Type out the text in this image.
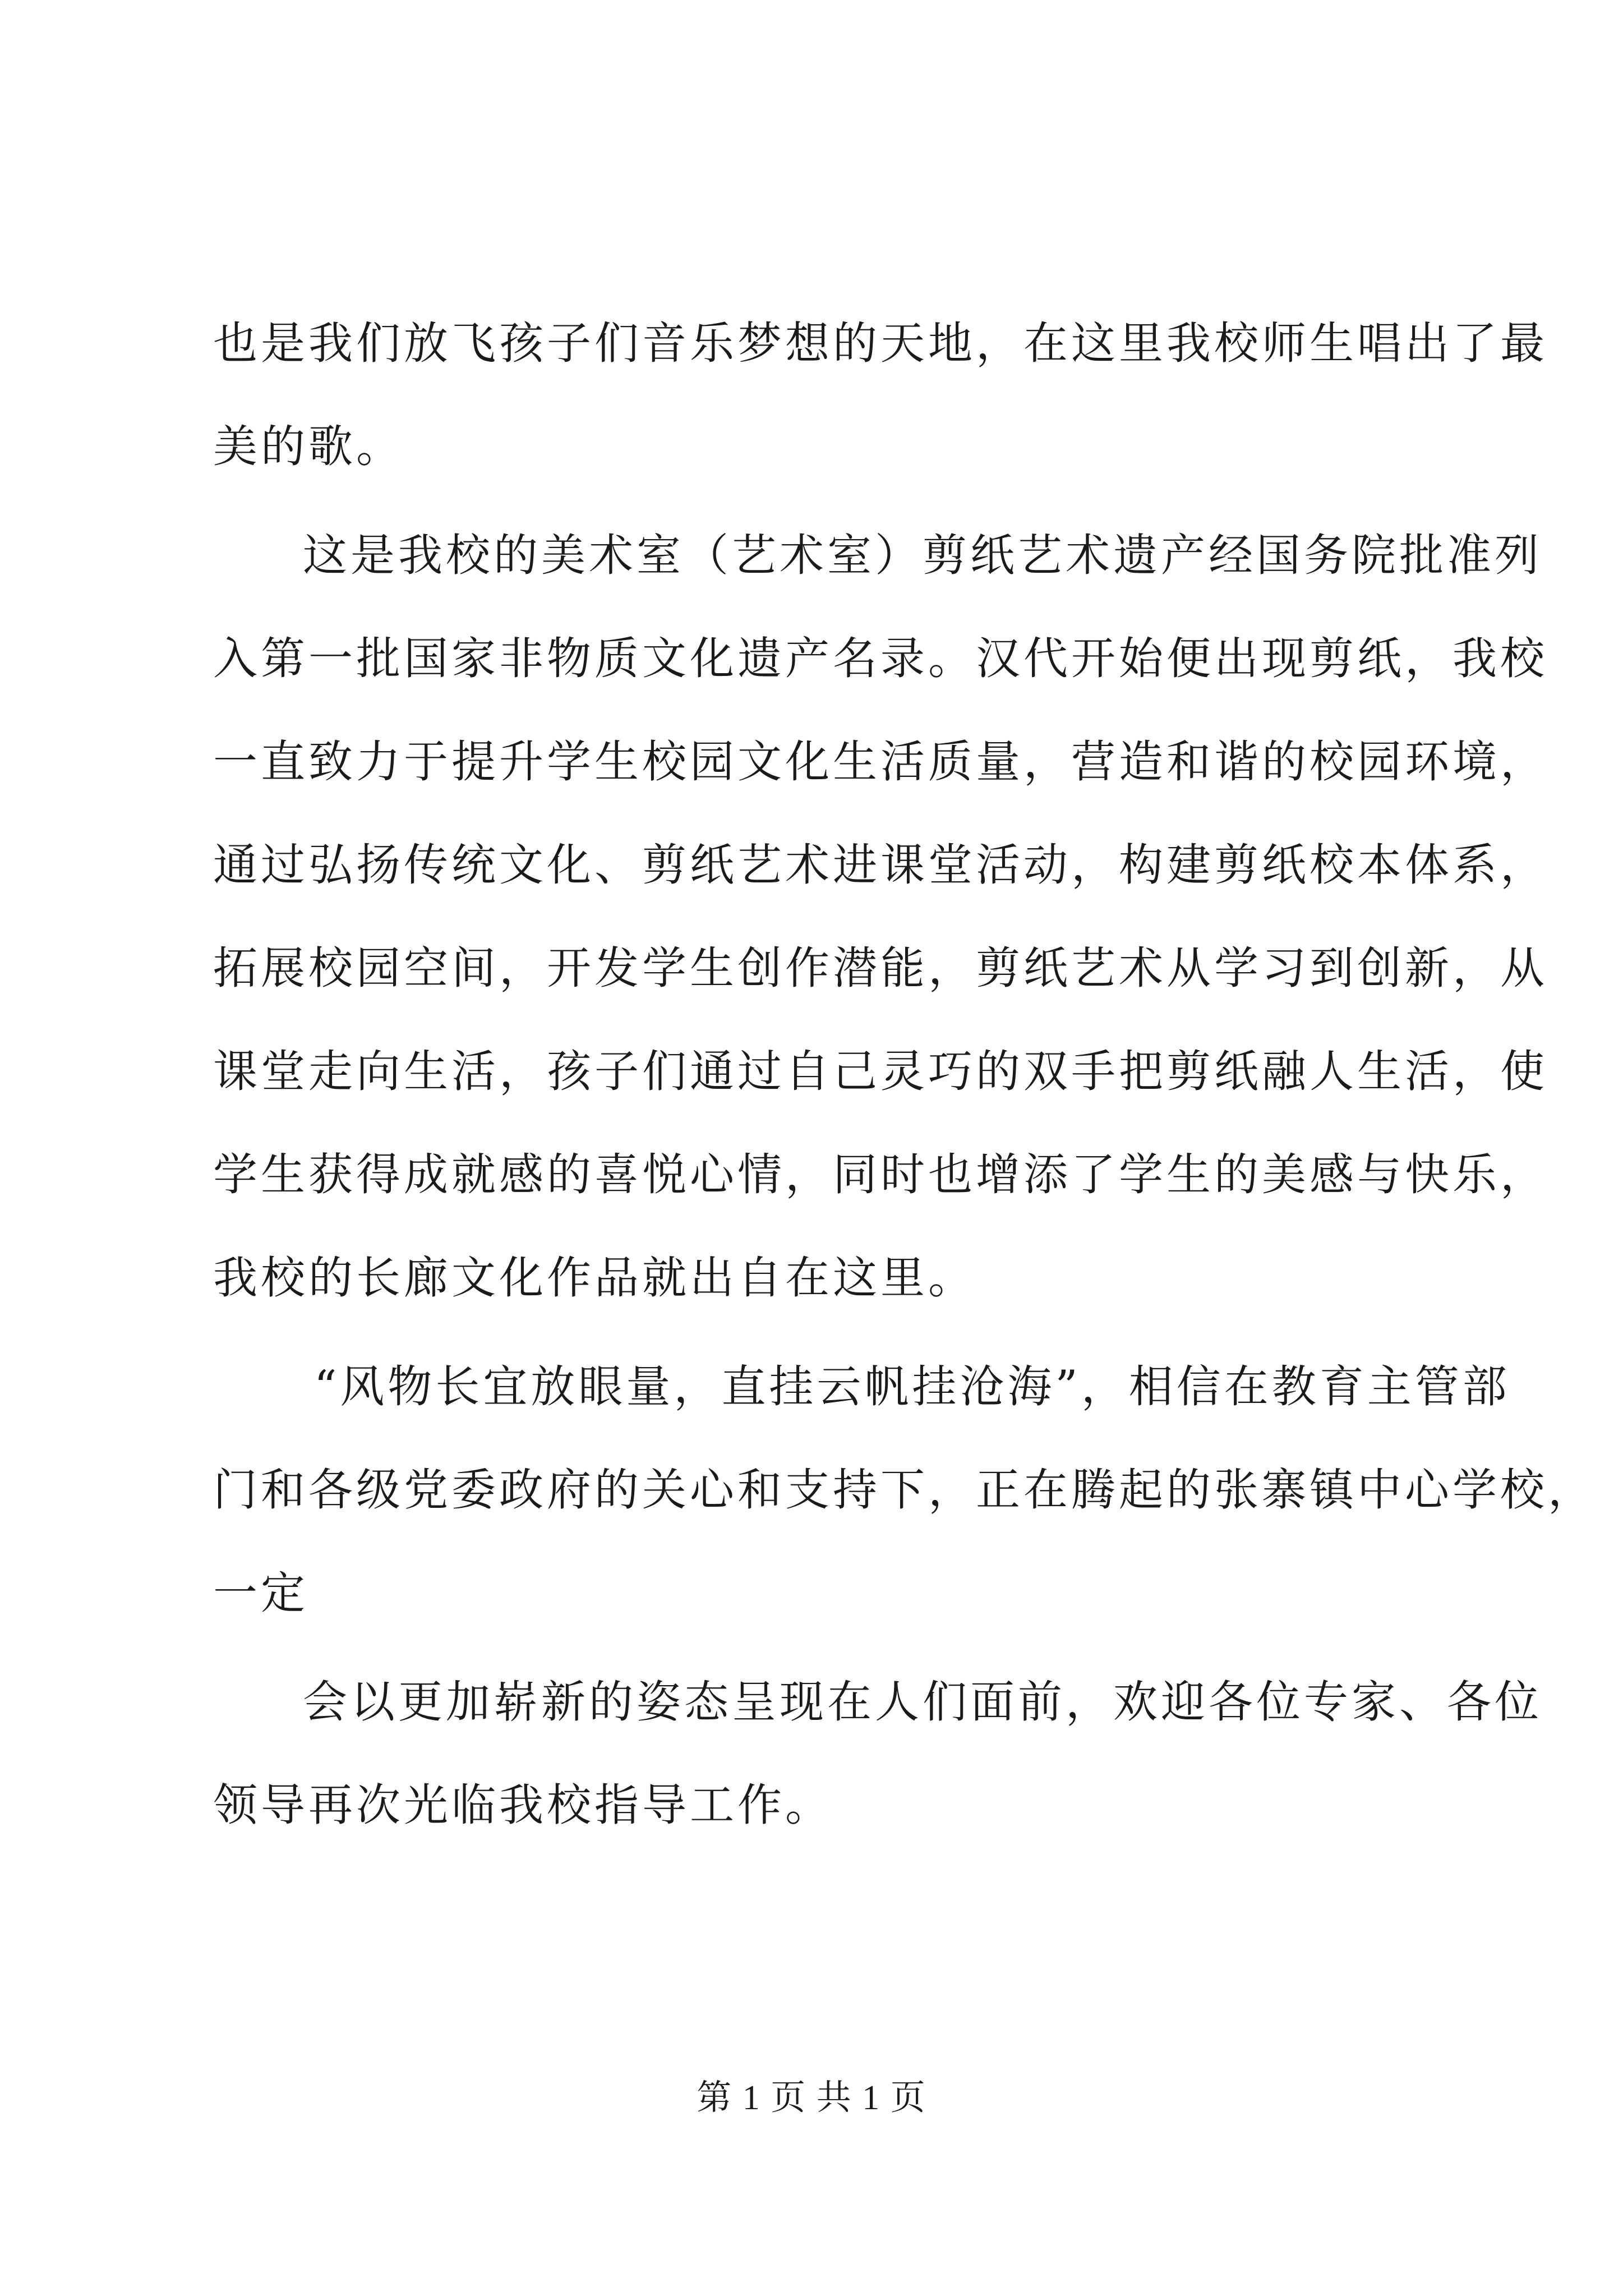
也是我们放飞孩子们音乐梦想的天地，在这里我校师生唱出了最
美的歌。
这是我校的美术室（艺术室）剪纸艺术遗产经国务院批准列
入第一批国家非物质文化遗产名录。汉代开始便出现剪纸，我校
一直致力于提升学生校园文化生活质量，营造和谐的校园环境，
通过弘扬传统文化、剪纸艺术进课堂活动，构建剪纸校本体系，
拓展校园空间，开发学生创作潜能，剪纸艺术从学习到创新，从
课堂走向生活，孩子们通过自己灵巧的双手把剪纸融人生活，使
学生获得成就感的喜悦心情，同时也增添了学生的美感与快乐，
我校的长廊文化作品就出自在这里。
“风物长宜放眼量，直挂云帆挂沧海”，相信在教育主管部
门和各级党委政府的关心和支持下，正在腾起的张寨镇中心学校，
一定
会以更加崭新的姿态呈现在人们面前，欢迎各位专家、各位
领导再次光临我校指导工作。
第 1 页 共 1 页
